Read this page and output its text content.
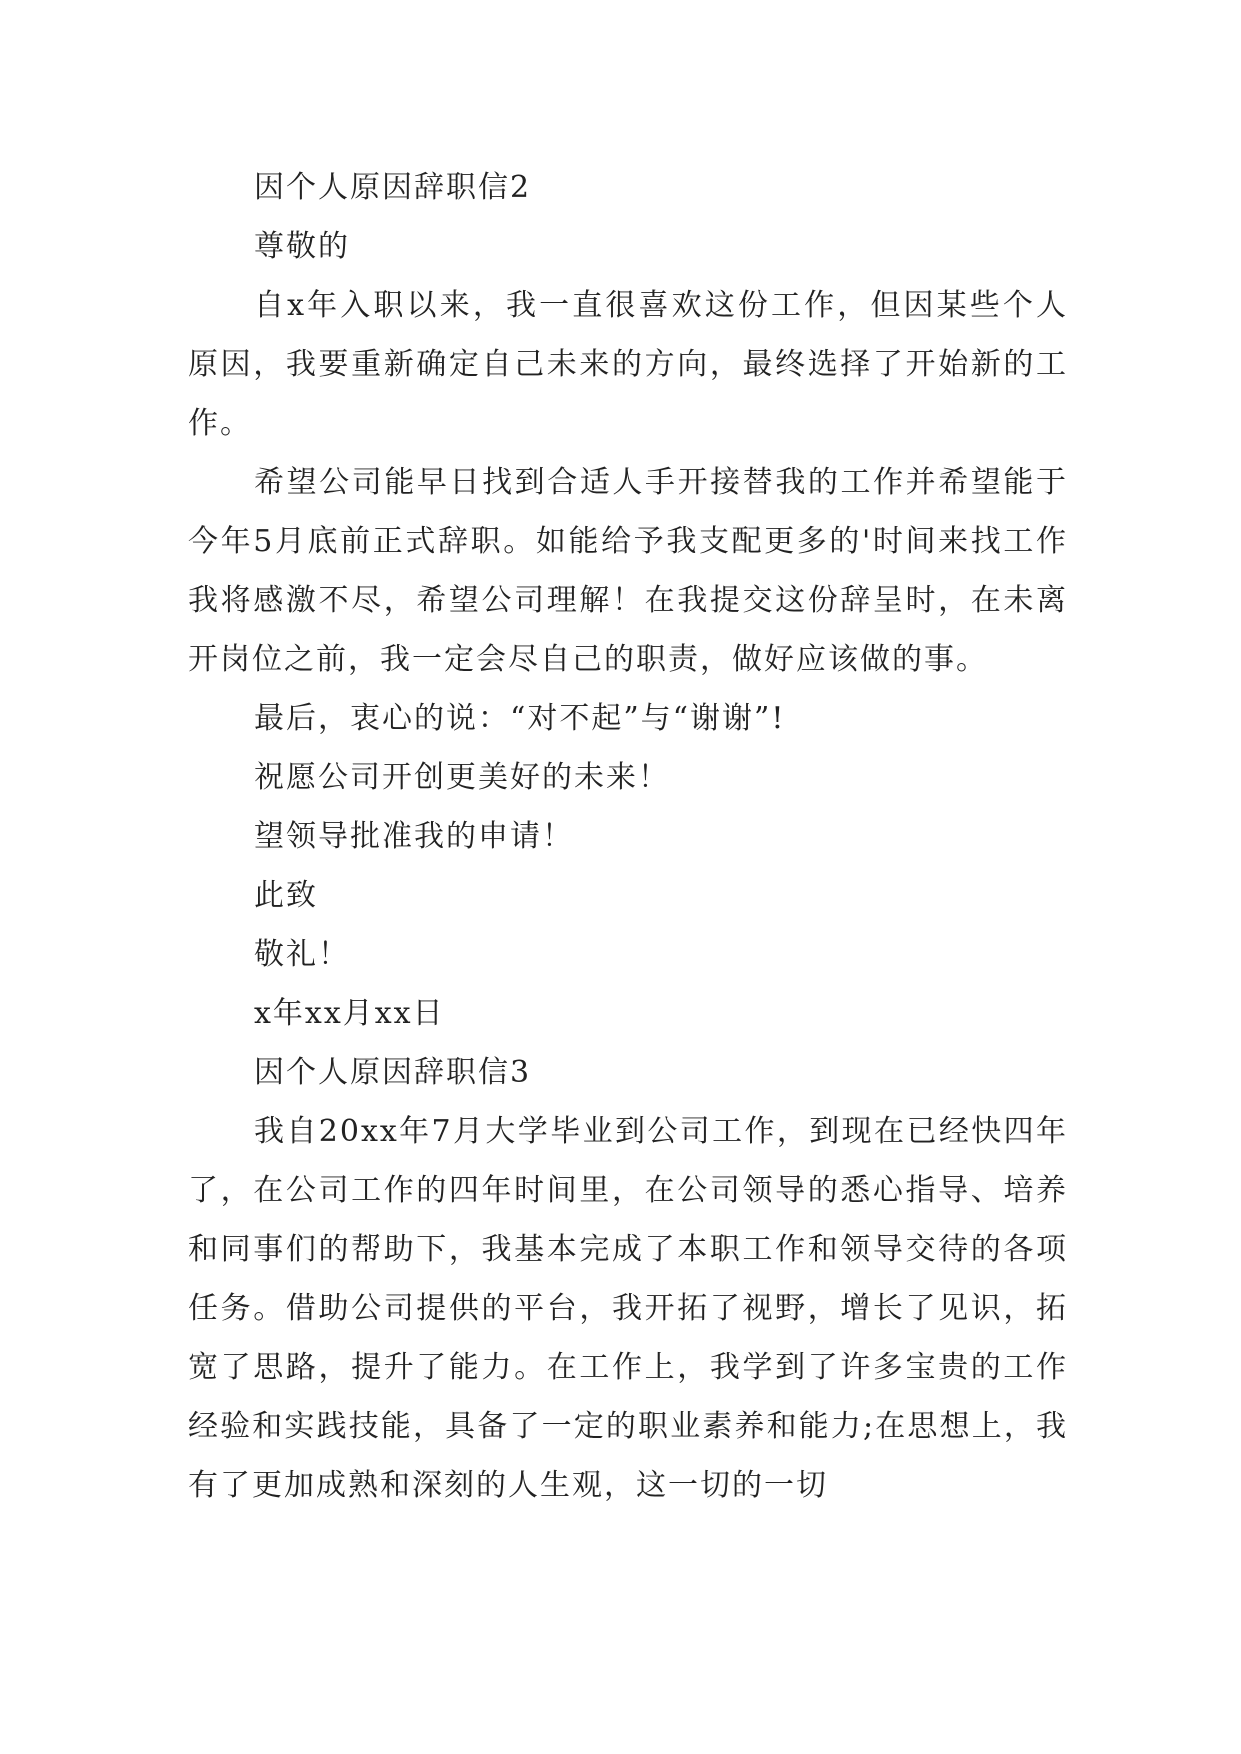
因个人原因辞职信2

尊敬的

自x年入职以来，我一直很喜欢这份工作，但因某些个人原因，我要重新确定自己未来的方向，最终选择了开始新的工作。

希望公司能早日找到合适人手开接替我的工作并希望能于今年5月底前正式辞职。如能给予我支配更多的'时间来找工作我将感激不尽，希望公司理解！在我提交这份辞呈时，在未离开岗位之前，我一定会尽自己的职责，做好应该做的事。

最后，衷心的说：“对不起”与“谢谢”!

祝愿公司开创更美好的未来！

望领导批准我的申请！

此致

敬礼！

x年xx月xx日

因个人原因辞职信3

我自20xx年7月大学毕业到公司工作，到现在已经快四年了，在公司工作的四年时间里，在公司领导的悉心指导、培养和同事们的帮助下，我基本完成了本职工作和领导交待的各项任务。借助公司提供的平台，我开拓了视野，增长了见识，拓宽了思路，提升了能力。在工作上，我学到了许多宝贵的工作经验和实践技能，具备了一定的职业素养和能力;在思想上，我有了更加成熟和深刻的人生观，这一切的一切
